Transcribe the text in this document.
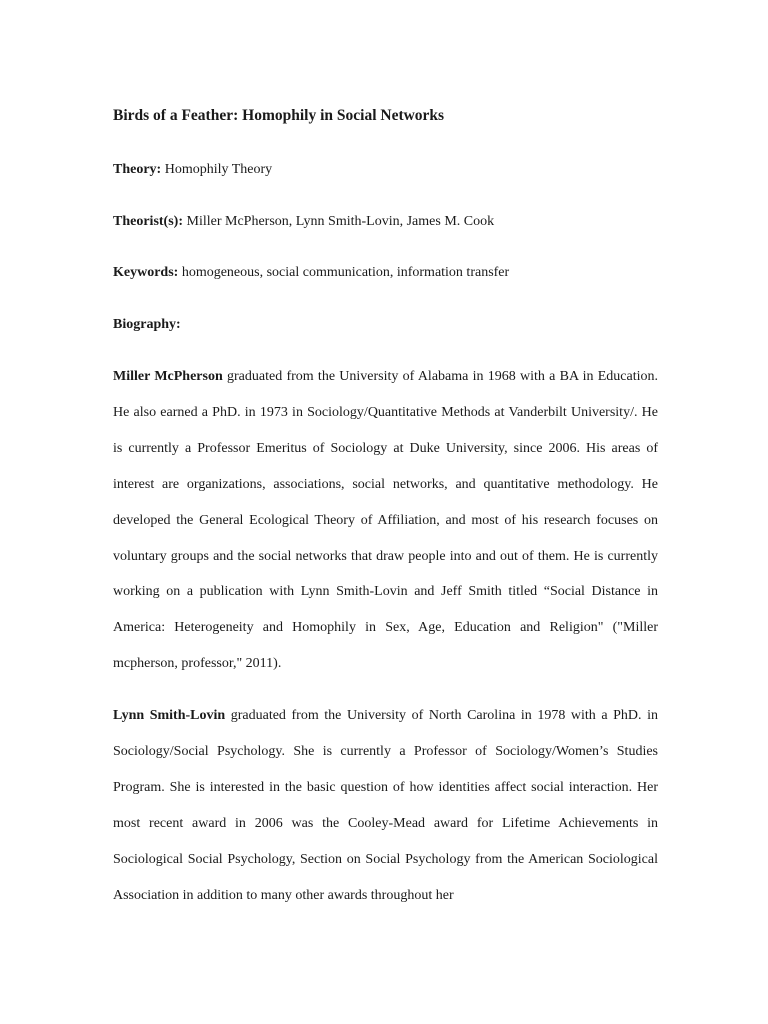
Birds of a Feather: Homophily in Social Networks

Theory: Homophily Theory

Theorist(s): Miller McPherson, Lynn Smith-Lovin, James M. Cook

Keywords: homogeneous, social communication, information transfer

Biography:

Miller McPherson graduated from the University of Alabama in 1968 with a BA in Education. He also earned a PhD. in 1973 in Sociology/Quantitative Methods at Vanderbilt University/. He is currently a Professor Emeritus of Sociology at Duke University, since 2006. His areas of interest are organizations, associations, social networks, and quantitative methodology. He developed the General Ecological Theory of Affiliation, and most of his research focuses on voluntary groups and the social networks that draw people into and out of them. He is currently working on a publication with Lynn Smith-Lovin and Jeff Smith titled “Social Distance in America: Heterogeneity and Homophily in Sex, Age, Education and Religion" ("Miller mcpherson, professor," 2011).

Lynn Smith-Lovin graduated from the University of North Carolina in 1978 with a PhD. in Sociology/Social Psychology. She is currently a Professor of Sociology/Women’s Studies Program. She is interested in the basic question of how identities affect social interaction. Her most recent award in 2006 was the Cooley-Mead award for Lifetime Achievements in Sociological Social Psychology, Section on Social Psychology from the American Sociological Association in addition to many other awards throughout her
